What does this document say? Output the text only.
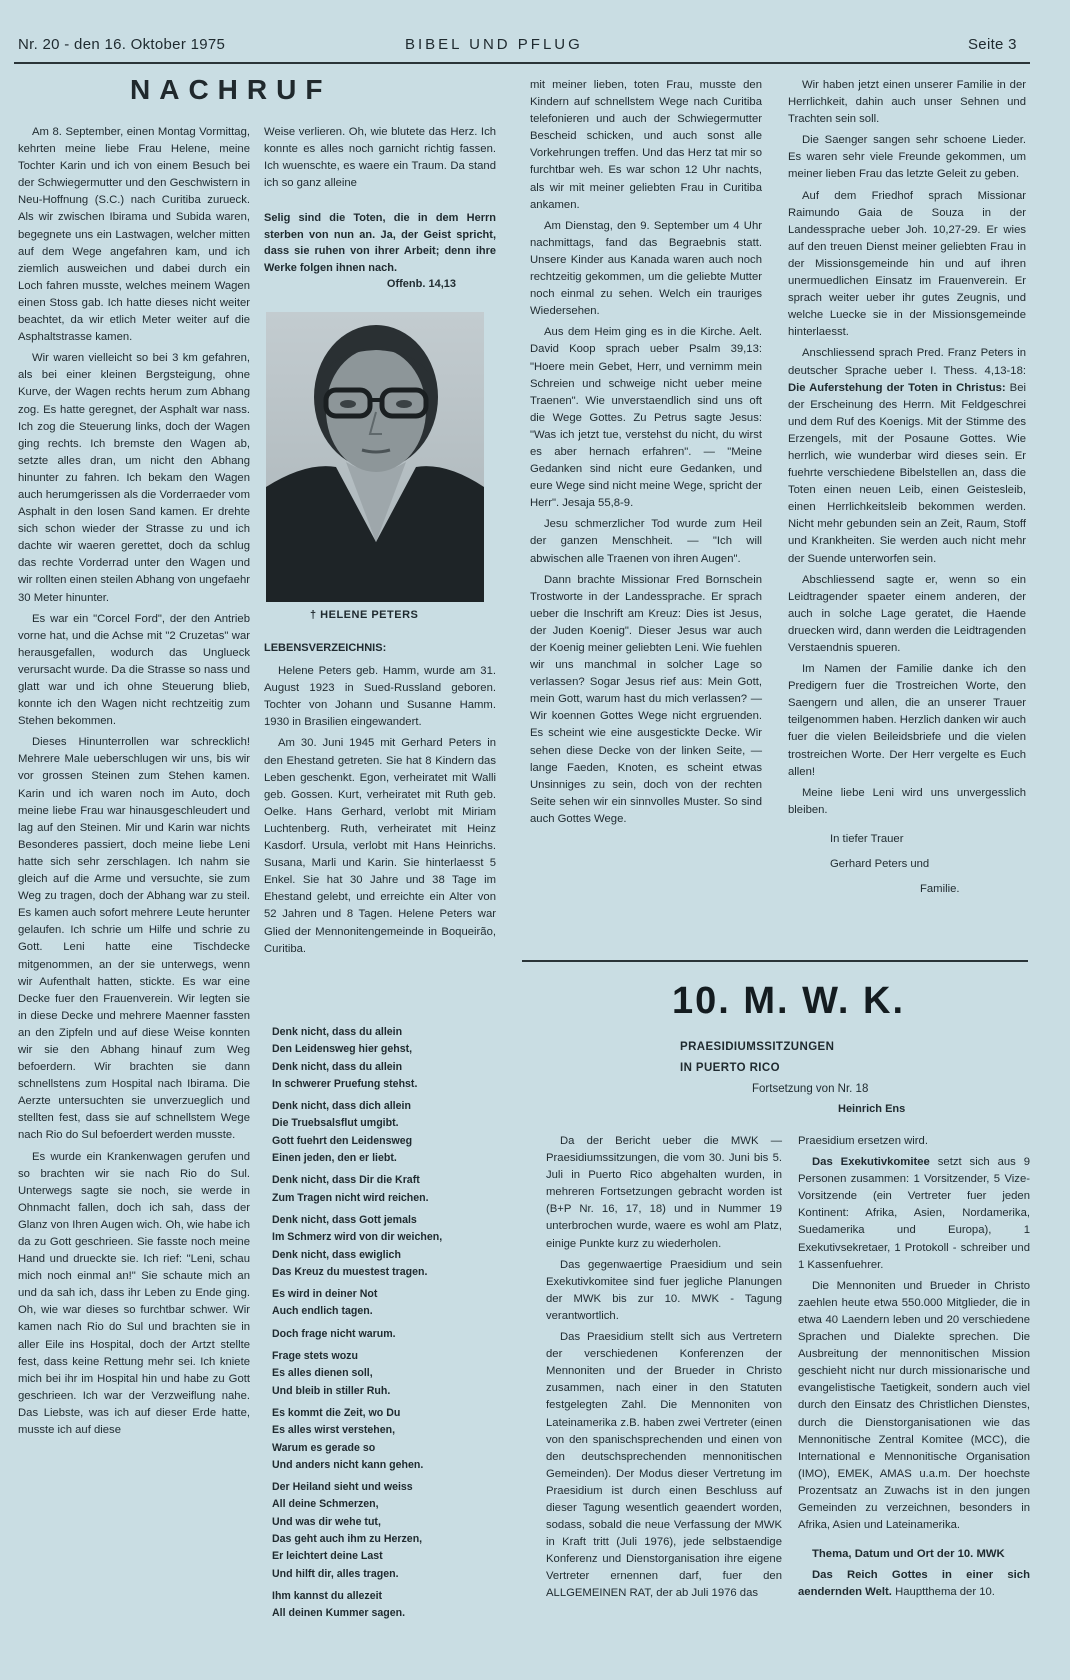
Nr. 20 - den 16. Oktober 1975	BIBEL UND PFLUG	Seite 3
NACHRUF

Am 8. September, einen Montag Vormittag, kehrten meine liebe Frau Helene, meine Tochter Karin und ich von einem Besuch bei der Schwiegermutter und den Geschwistern in Neu-Hoffnung (S.C.) nach Curitiba zurueck. Als wir zwischen Ibirama und Subida waren, begegnete uns ein Lastwagen, welcher mitten auf dem Wege angefahren kam, und ich ziemlich ausweichen und dabei durch ein Loch fahren musste, welches meinem Wagen einen Stoss gab. Ich hatte dieses nicht weiter beachtet, da wir etlich Meter weiter auf die Asphaltstrasse kamen.

Wir waren vielleicht so bei 3 km gefahren, als bei einer kleinen Bergsteigung, ohne Kurve, der Wagen rechts herum zum Abhang zog. Es hatte geregnet, der Asphalt war nass. Ich zog die Steuerung links, doch der Wagen ging rechts. Ich bremste den Wagen ab, setzte alles dran, um nicht den Abhang hinunter zu fahren. Ich bekam den Wagen auch herumgerissen als die Vorderraeder vom Asphalt in den losen Sand kamen. Er drehte sich schon wieder der Strasse zu und ich dachte wir waeren gerettet, doch da schlug das rechte Vorderrad unter den Wagen und wir rollten einen steilen Abhang von ungefaehr 30 Meter hinunter.

Es war ein "Corcel Ford", der den Antrieb vorne hat, und die Achse mit "2 Cruzetas" war herausgefallen, wodurch das Unglueck verursacht wurde. Da die Strasse so nass und glatt war und ich ohne Steuerung blieb, konnte ich den Wagen nicht rechtzeitig zum Stehen bekommen.

Dieses Hinunterrollen war schrecklich! Mehrere Male ueberschlugen wir uns, bis wir vor grossen Steinen zum Stehen kamen. Karin und ich waren noch im Auto, doch meine liebe Frau war hinausgeschleudert und lag auf den Steinen. Mir und Karin war nichts Besonderes passiert, doch meine liebe Leni hatte sich sehr zerschlagen. Ich nahm sie gleich auf die Arme und versuchte, sie zum Weg zu tragen, doch der Abhang war zu steil. Es kamen auch sofort mehrere Leute herunter gelaufen. Ich schrie um Hilfe und schrie zu Gott. Leni hatte eine Tischdecke mitgenommen, an der sie unterwegs, wenn wir Aufenthalt hatten, stickte. Es war eine Decke fuer den Frauenverein. Wir legten sie in diese Decke und mehrere Maenner fassten an den Zipfeln und auf diese Weise konnten wir sie den Abhang hinauf zum Weg befoerdern. Wir brachten sie dann schnellstens zum Hospital nach Ibirama. Die Aerzte untersuchten sie unverzueglich und stellten fest, dass sie auf schnellstem Wege nach Rio do Sul befoerdert werden musste.

Es wurde ein Krankenwagen gerufen und so brachten wir sie nach Rio do Sul. Unterwegs sagte sie noch, sie werde in Ohnmacht fallen, doch ich sah, dass der Glanz von Ihren Augen wich. Oh, wie habe ich da zu Gott geschrieen. Sie fasste noch meine Hand und drueckte sie. Ich rief: "Leni, schau mich noch einmal an!" Sie schaute mich an und da sah ich, dass ihr Leben zu Ende ging. Oh, wie war dieses so furchtbar schwer. Wir kamen nach Rio do Sul und brachten sie in aller Eile ins Hospital, doch der Artzt stellte fest, dass keine Rettung mehr sei. Ich kniete mich bei ihr im Hospital hin und habe zu Gott geschrieen. Ich war der Verzweiflung nahe. Das Liebste, was ich auf dieser Erde hatte, musste ich auf diese

Weise verlieren. Oh, wie blutete das Herz. Ich konnte es alles noch garnicht richtig fassen. Ich wuenschte, es waere ein Traum. Da stand ich so ganz alleine

Selig sind die Toten, die in dem Herrn sterben von nun an. Ja, der Geist spricht, dass sie ruhen von ihrer Arbeit; denn ihre Werke folgen ihnen nach.
Offenb. 14,13
† HELENE PETERS
LEBENSVERZEICHNIS:

Helene Peters geb. Hamm, wurde am 31. August 1923 in Sued-Russland geboren. Tochter von Johann und Susanne Hamm. 1930 in Brasilien eingewandert.

Am 30. Juni 1945 mit Gerhard Peters in den Ehestand getreten. Sie hat 8 Kindern das Leben geschenkt. Egon, verheiratet mit Walli geb. Gossen. Kurt, verheiratet mit Ruth geb. Oelke. Hans Gerhard, verlobt mit Miriam Luchtenberg. Ruth, verheiratet mit Heinz Kasdorf. Ursula, verlobt mit Hans Heinrichs. Susana, Marli und Karin. Sie hinterlaesst 5 Enkel. Sie hat 30 Jahre und 38 Tage im Ehestand gelebt, und erreichte ein Alter von 52 Jahren und 8 Tagen. Helene Peters war Glied der Mennonitengemeinde in Boqueirão, Curitiba.

Denk nicht, dass du allein
Den Leidensweg hier gehst,
Denk nicht, dass du allein
In schwerer Pruefung stehst.
Denk nicht, dass dich allein
Die Truebsalsflut umgibt.
Gott fuehrt den Leidensweg
Einen jeden, den er liebt.
Denk nicht, dass Dir die Kraft
Zum Tragen nicht wird reichen.
Denk nicht, dass Gott jemals
Im Schmerz wird von dir weichen,
Denk nicht, dass ewiglich
Das Kreuz du muestest tragen.
Es wird in deiner Not
Auch endlich tagen.
Doch frage nicht warum.
Frage stets wozu
Es alles dienen soll,
Und bleib in stiller Ruh.
Es kommt die Zeit, wo Du
Es alles wirst verstehen,
Warum es gerade so
Und anders nicht kann gehen.
Der Heiland sieht und weiss
All deine Schmerzen,
Und was dir wehe tut,
Das geht auch ihm zu Herzen,
Er leichtert deine Last
Und hilft dir, alles tragen.
Ihm kannst du allezeit
All deinen Kummer sagen.

mit meiner lieben, toten Frau, musste den Kindern auf schnellstem Wege nach Curitiba telefonieren und auch der Schwiegermutter Bescheid schicken, und auch sonst alle Vorkehrungen treffen. Und das Herz tat mir so furchtbar weh. Es war schon 12 Uhr nachts, als wir mit meiner geliebten Frau in Curitiba ankamen.

Am Dienstag, den 9. September um 4 Uhr nachmittags, fand das Begraebnis statt. Unsere Kinder aus Kanada waren auch noch rechtzeitig gekommen, um die geliebte Mutter noch einmal zu sehen. Welch ein trauriges Wiedersehen.

Aus dem Heim ging es in die Kirche. Aelt. David Koop sprach ueber Psalm 39,13: "Hoere mein Gebet, Herr, und vernimm mein Schreien und schweige nicht ueber meine Traenen". Wie unverstaendlich sind uns oft die Wege Gottes. Zu Petrus sagte Jesus: "Was ich jetzt tue, verstehst du nicht, du wirst es aber hernach erfahren". — "Meine Gedanken sind nicht eure Gedanken, und eure Wege sind nicht meine Wege, spricht der Herr". Jesaja 55,8-9.

Jesu schmerzlicher Tod wurde zum Heil der ganzen Menschheit. — "Ich will abwischen alle Traenen von ihren Augen".

Dann brachte Missionar Fred Bornschein Trostworte in der Landessprache. Er sprach ueber die Inschrift am Kreuz: Dies ist Jesus, der Juden Koenig". Dieser Jesus war auch der Koenig meiner geliebten Leni. Wie fuehlen wir uns manchmal in solcher Lage so verlassen? Sogar Jesus rief aus: Mein Gott, mein Gott, warum hast du mich verlassen? — Wir koennen Gottes Wege nicht ergruenden. Es scheint wie eine ausgestickte Decke. Wir sehen diese Decke von der linken Seite, — lange Faeden, Knoten, es scheint etwas Unsinniges zu sein, doch von der rechten Seite sehen wir ein sinnvolles Muster. So sind auch Gottes Wege.

Wir haben jetzt einen unserer Familie in der Herrlichkeit, dahin auch unser Sehnen und Trachten sein soll.

Die Saenger sangen sehr schoene Lieder. Es waren sehr viele Freunde gekommen, um meiner lieben Frau das letzte Geleit zu geben.

Auf dem Friedhof sprach Missionar Raimundo Gaia de Souza in der Landessprache ueber Joh. 10,27-29. Er wies auf den treuen Dienst meiner geliebten Frau in der Missionsgemeinde hin und auf ihren unermuedlichen Einsatz im Frauenverein. Er sprach weiter ueber ihr gutes Zeugnis, und welche Luecke sie in der Missionsgemeinde hinterlaesst.

Anschliessend sprach Pred. Franz Peters in deutscher Sprache ueber I. Thess. 4,13-18: Die Auferstehung der Toten in Christus: Bei der Erscheinung des Herrn. Mit Feldgeschrei und dem Ruf des Koenigs. Mit der Stimme des Erzengels, mit der Posaune Gottes. Wie herrlich, wie wunderbar wird dieses sein. Er fuehrte verschiedene Bibelstellen an, dass die Toten einen neuen Leib, einen Geistesleib, einen Herrlichkeitsleib bekommen werden. Nicht mehr gebunden sein an Zeit, Raum, Stoff und Krankheiten. Sie werden auch nicht mehr der Suende unterworfen sein.

Abschliessend sagte er, wenn so ein Leidtragender spaeter einem anderen, der auch in solche Lage geratet, die Haende druecken wird, dann werden die Leidtragenden Verstaendnis spueren.

Im Namen der Familie danke ich den Predigern fuer die Trostreichen Worte, den Saengern und allen, die an unserer Trauer teilgenommen haben. Herzlich danken wir auch fuer die vielen Beileidsbriefe und die vielen trostreichen Worte. Der Herr vergelte es Euch allen!

Meine liebe Leni wird uns unvergesslich bleiben.

In tiefer Trauer
Gerhard Peters und
Familie.
10. M. W. K.
PRAESIDIUMSSITZUNGEN
IN PUERTO RICO
Fortsetzung von Nr. 18
Heinrich Ens

Da der Bericht ueber die MWK — Praesidiumssitzungen, die vom 30. Juni bis 5. Juli in Puerto Rico abgehalten wurden, in mehreren Fortsetzungen gebracht worden ist (B+P Nr. 16, 17, 18) und in Nummer 19 unterbrochen wurde, waere es wohl am Platz, einige Punkte kurz zu wiederholen.

Das gegenwaertige Praesidium und sein Exekutivkomitee sind fuer jegliche Planungen der MWK bis zur 10. MWK - Tagung verantwortlich.

Das Praesidium stellt sich aus Vertretern der verschiedenen Konferenzen der Mennoniten und der Brueder in Christo zusammen, nach einer in den Statuten festgelegten Zahl. Die Mennoniten von Lateinamerika z.B. haben zwei Vertreter (einen von den spanischsprechenden und einen von den deutschsprechenden mennonitischen Gemeinden). Der Modus dieser Vertretung im Praesidium ist durch einen Beschluss auf dieser Tagung wesentlich geaendert worden, sodass, sobald die neue Verfassung der MWK in Kraft tritt (Juli 1976), jede selbstaendige Konferenz und Dienstorganisation ihre eigene Vertreter ernennen darf, fuer den ALLGEMEINEN RAT, der ab Juli 1976 das

Praesidium ersetzen wird.

Das Exekutivkomitee setzt sich aus 9 Personen zusammen: 1 Vorsitzender, 5 Vize-Vorsitzende (ein Vertreter fuer jeden Kontinent: Afrika, Asien, Nordamerika, Suedamerika und Europa), 1 Exekutivsekretaer, 1 Protokoll - schreiber und 1 Kassenfuehrer.

Die Mennoniten und Brueder in Christo zaehlen heute etwa 550.000 Mitglieder, die in etwa 40 Laendern leben und 20 verschiedene Sprachen und Dialekte sprechen. Die Ausbreitung der mennonitischen Mission geschieht nicht nur durch missionarische und evangelistische Taetigkeit, sondern auch viel durch den Einsatz des Christlichen Dienstes, durch die Dienstorganisationen wie das Mennonitische Zentral Komitee (MCC), die International e Mennonitische Organisation (IMO), EMEK, AMAS u.a.m. Der hoechste Prozentsatz an Zuwachs ist in den jungen Gemeinden zu verzeichnen, besonders in Afrika, Asien und Lateinamerika.

Thema, Datum und Ort der 10. MWK

Das Reich Gottes in einer sich aendernden Welt. Hauptthema der 10.
